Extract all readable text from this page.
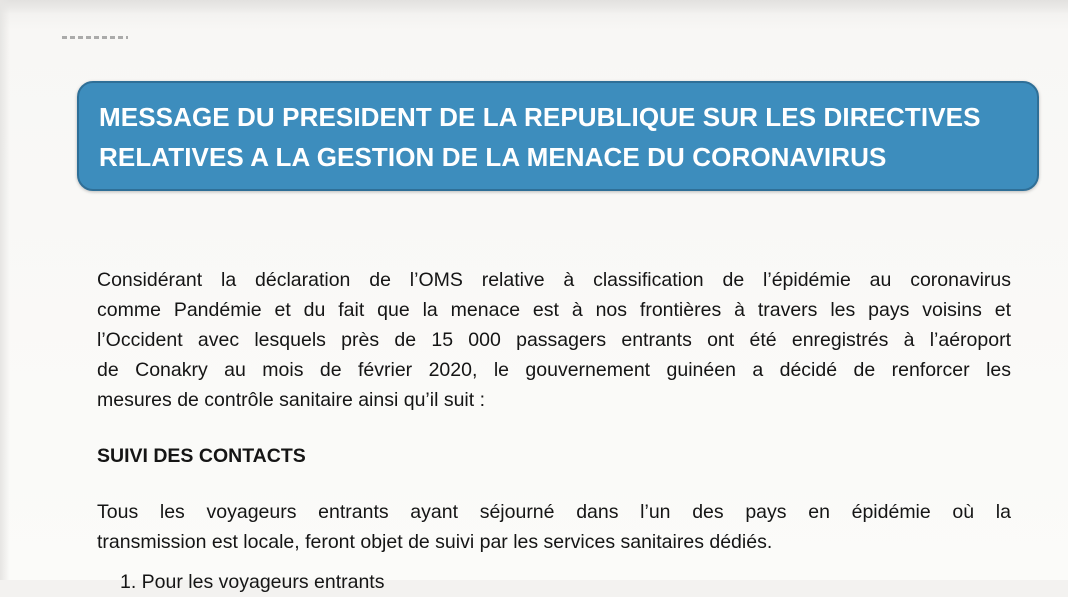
MESSAGE DU PRESIDENT DE LA REPUBLIQUE SUR LES DIRECTIVES
RELATIVES A LA GESTION DE LA MENACE DU CORONAVIRUS
Considérant la déclaration de l’OMS relative à classification de l’épidémie au coronavirus
comme Pandémie et du fait que la menace est à nos frontières à travers les pays voisins et
l’Occident avec lesquels près de 15 000 passagers entrants ont été enregistrés à l’aéroport
de Conakry au mois de février 2020, le gouvernement guinéen a décidé de renforcer les
mesures de contrôle sanitaire ainsi qu’il suit :
SUIVI DES CONTACTS
Tous les voyageurs entrants ayant séjourné dans l’un des pays en épidémie où la
transmission est locale, feront objet de suivi par les services sanitaires dédiés.
1. Pour les voyageurs entrants
